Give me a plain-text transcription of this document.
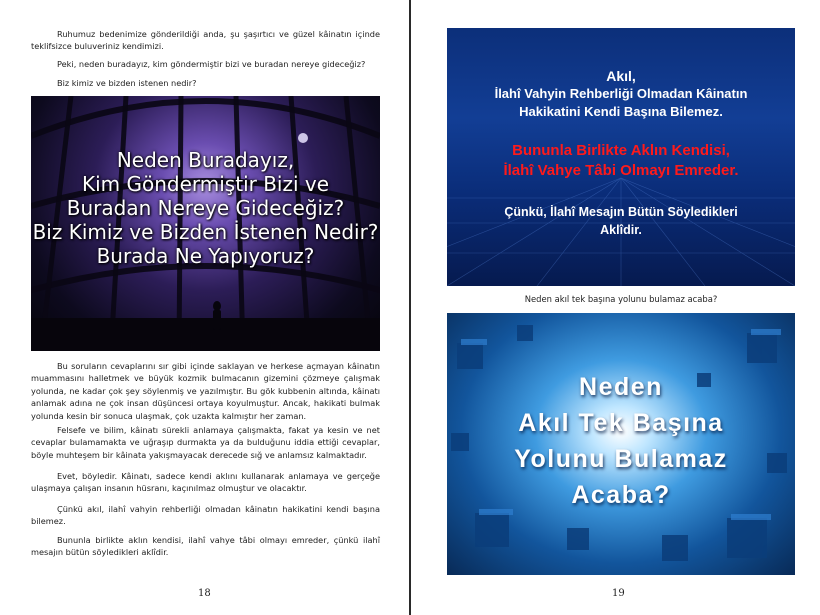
Ruhumuz bedenimize gönderildiği anda, şu şaşırtıcı ve güzel kâinatın içinde teklifsizce buluveriniz kendimizi.

Peki, neden buradayız, kim göndermiştir bizi ve buradan nereye gideceğiz?

Biz kimiz ve bizden istenen nedir?

Neden Buradayız,
Kim Göndermiştir Bizi ve
Buradan Nereye Gideceğiz?
Biz Kimiz ve Bizden İstenen Nedir?
Burada Ne Yapıyoruz?

Bu soruların cevaplarını sır gibi içinde saklayan ve herkese açmayan kâinatın muammasını halletmek ve büyük kozmik bulmacanın gizemini çözmeye çalışmak yolunda, ne kadar çok şey söylenmiş ve yazılmıştır. Bu gök kubbenin altında, kâinatı anlamak adına ne çok insan düşüncesi ortaya koyulmuştur. Ancak, hakikati bulmak yolunda kesin bir sonuca ulaşmak, çok uzakta kalmıştır her zaman.

Felsefe ve bilim, kâinatı sürekli anlamaya çalışmakta, fakat ya kesin ve net cevaplar bulamamakta ve uğraşıp durmakta ya da bulduğunu iddia ettiği cevaplar, böyle muhteşem bir kâinata yakışmayacak derecede sığ ve anlamsız kalmaktadır.

Evet, böyledir. Kâinatı, sadece kendi aklını kullanarak anlamaya ve gerçeğe ulaşmaya çalışan insanın hüsranı, kaçınılmaz olmuştur ve olacaktır.

Çünkü akıl, ilahî vahyin rehberliği olmadan kâinatın hakikatini kendi başına bilemez.

Bununla birlikte aklın kendisi, ilahî vahye tâbi olmayı emreder, çünkü ilahî mesajın bütün söyledikleri aklîdir.

18
Akıl,
İlahî Vahyin Rehberliği Olmadan Kâinatın
Hakikatini Kendi Başına Bilemez.
Bununla Birlikte Aklın Kendisi,
İlahî Vahye Tâbi Olmayı Emreder.
Çünkü, İlahî Mesajın Bütün Söyledikleri
Aklîdir.
Neden akıl tek başına yolunu bulamaz acaba?
Neden
Akıl Tek Başına
Yolunu Bulamaz
Acaba?
19
